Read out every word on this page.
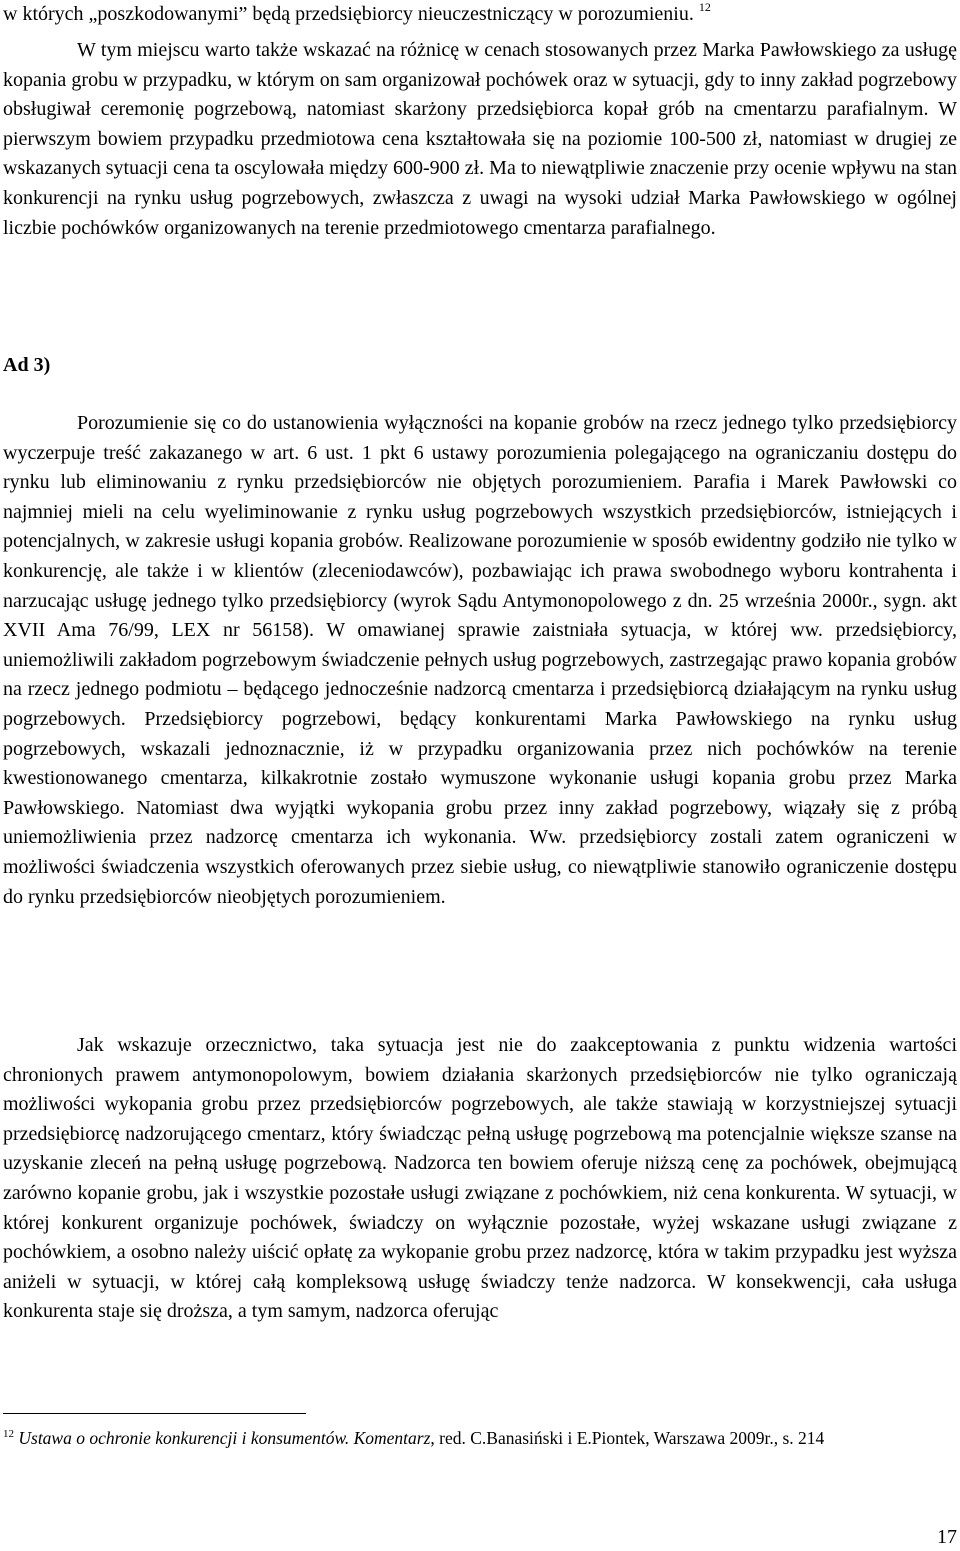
w których „poszkodowanymi” będą przedsiębiorcy nieuczestniczący w porozumieniu. $^{12}$

W tym miejscu warto także wskazać na różnicę w cenach stosowanych przez Marka Pawłowskiego za usługę kopania grobu w przypadku, w którym on sam organizował pochówek oraz w sytuacji, gdy to inny zakład pogrzebowy obsługiwał ceremonię pogrzebową, natomiast skarżony przedsiębiorca kopał grób na cmentarzu parafialnym. W pierwszym bowiem przypadku przedmiotowa cena kształtowała się na poziomie 100-500 zł, natomiast w drugiej ze wskazanych sytuacji cena ta oscylowała między 600-900 zł. Ma to niewątpliwie znaczenie przy ocenie wpływu na stan konkurencji na rynku usług pogrzebowych, zwłaszcza z uwagi na wysoki udział Marka Pawłowskiego w ogólnej liczbie pochówków organizowanych na terenie przedmiotowego cmentarza parafialnego.

Ad 3)

Porozumienie się co do ustanowienia wyłączności na kopanie grobów na rzecz jednego tylko przedsiębiorcy wyczerpuje treść zakazanego w art. 6 ust. 1 pkt 6 ustawy porozumienia polegającego na ograniczaniu dostępu do rynku lub eliminowaniu z rynku przedsiębiorców nie objętych porozumieniem. Parafia i Marek Pawłowski co najmniej mieli na celu wyeliminowanie z rynku usług pogrzebowych wszystkich przedsiębiorców, istniejących i potencjalnych, w zakresie usługi kopania grobów. Realizowane porozumienie w sposób ewidentny godziło nie tylko w konkurencję, ale także i w klientów (zleceniodawców), pozbawiając ich prawa swobodnego wyboru kontrahenta i narzucając usługę jednego tylko przedsiębiorcy (wyrok Sądu Antymonopolowego z dn. 25 września 2000r., sygn. akt XVII Ama 76/99, LEX nr 56158). W omawianej sprawie zaistniała sytuacja, w której ww. przedsiębiorcy, uniemożliwili zakładom pogrzebowym świadczenie pełnych usług pogrzebowych, zastrzegając prawo kopania grobów na rzecz jednego podmiotu – będącego jednocześnie nadzorcą cmentarza i przedsiębiorcą działającym na rynku usług pogrzebowych. Przedsiębiorcy pogrzebowi, będący konkurentami Marka Pawłowskiego na rynku usług pogrzebowych, wskazali jednoznacznie, iż w przypadku organizowania przez nich pochówków na terenie kwestionowanego cmentarza, kilkakrotnie zostało wymuszone wykonanie usługi kopania grobu przez Marka Pawłowskiego. Natomiast dwa wyjątki wykopania grobu przez inny zakład pogrzebowy, wiązały się z próbą uniemożliwienia przez nadzorcę cmentarza ich wykonania. Ww. przedsiębiorcy zostali zatem ograniczeni w możliwości świadczenia wszystkich oferowanych przez siebie usług, co niewątpliwie stanowiło ograniczenie dostępu do rynku przedsiębiorców nieobjętych porozumieniem.

Jak wskazuje orzecznictwo, taka sytuacja jest nie do zaakceptowania z punktu widzenia wartości chronionych prawem antymonopolowym, bowiem działania skarżonych przedsiębiorców nie tylko ograniczają możliwości wykopania grobu przez przedsiębiorców pogrzebowych, ale także stawiają w korzystniejszej sytuacji przedsiębiorcę nadzorującego cmentarz, który świadcząc pełną usługę pogrzebową ma potencjalnie większe szanse na uzyskanie zleceń na pełną usługę pogrzebową. Nadzorca ten bowiem oferuje niższą cenę za pochówek, obejmującą zarówno kopanie grobu, jak i wszystkie pozostałe usługi związane z pochówkiem, niż cena konkurenta. W sytuacji, w której konkurent organizuje pochówek, świadczy on wyłącznie pozostałe, wyżej wskazane usługi związane z pochówkiem, a osobno należy uiścić opłatę za wykopanie grobu przez nadzorcę, która w takim przypadku jest wyższa aniżeli w sytuacji, w której całą kompleksową usługę świadczy tenże nadzorca. W konsekwencji, cała usługa konkurenta staje się droższa, a tym samym, nadzorca oferując

$^{12}$ Ustawa o ochronie konkurencji i konsumentów. Komentarz, red. C.Banasiński i E.Piontek, Warszawa 2009r., s. 214

17
